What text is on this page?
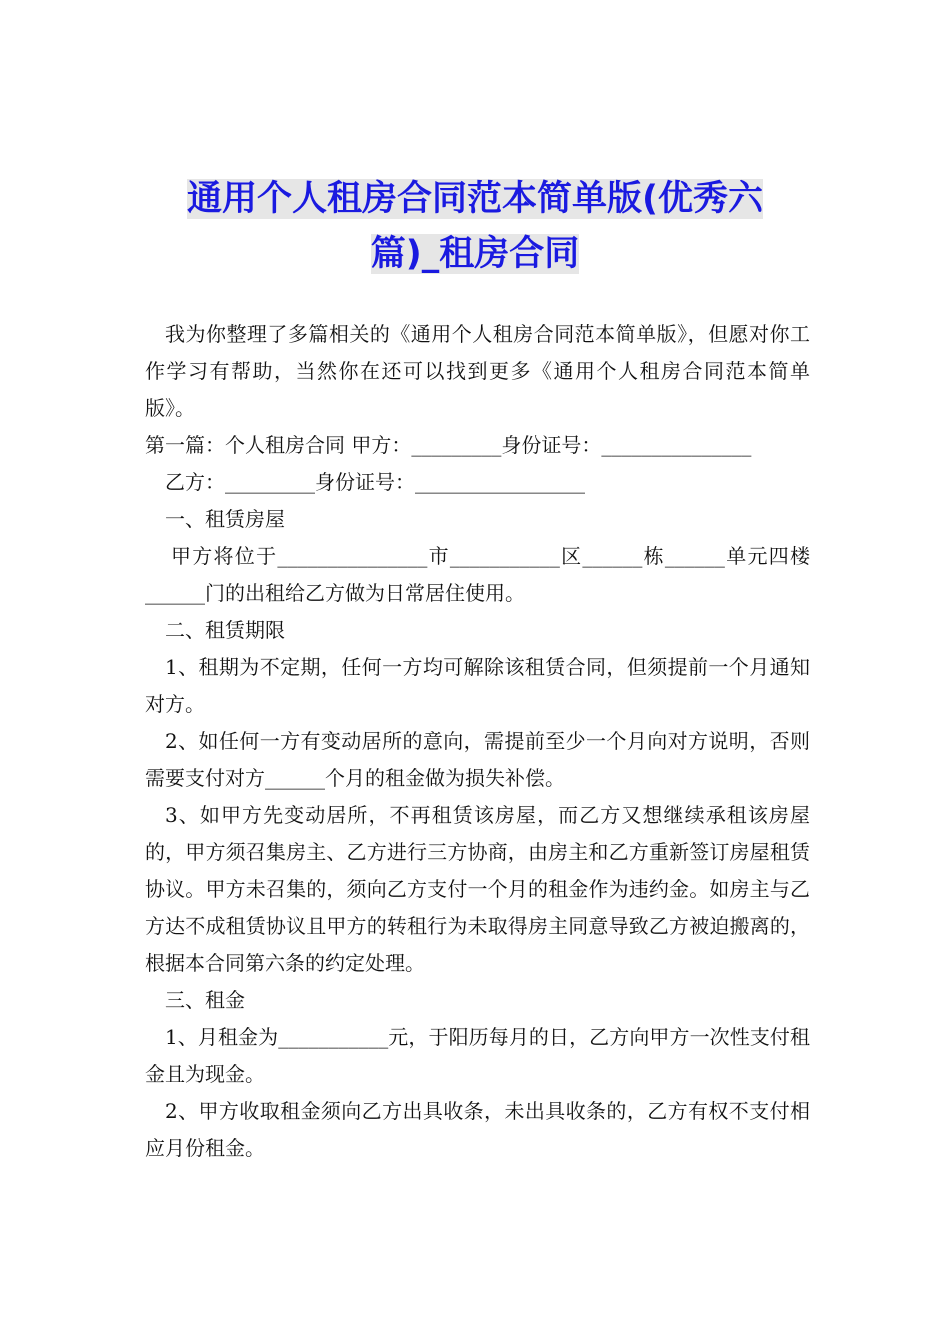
通用个人租房合同范本简单版(优秀六
篇)_租房合同

我为你整理了多篇相关的《通用个人租房合同范本简单版》，但愿对你工作学习有帮助，当然你在还可以找到更多《通用个人租房合同范本简单版》。

第一篇：个人租房合同 甲方：_________身份证号：_______________

乙方：_________身份证号：_________________

一、租赁房屋

甲方将位于_______________市___________区______栋______单元四楼______门的出租给乙方做为日常居住使用。

二、租赁期限

1、租期为不定期，任何一方均可解除该租赁合同，但须提前一个月通知对方。

2、如任何一方有变动居所的意向，需提前至少一个月向对方说明，否则需要支付对方______个月的租金做为损失补偿。

3、如甲方先变动居所，不再租赁该房屋，而乙方又想继续承租该房屋的，甲方须召集房主、乙方进行三方协商，由房主和乙方重新签订房屋租赁协议。甲方未召集的，须向乙方支付一个月的租金作为违约金。如房主与乙方达不成租赁协议且甲方的转租行为未取得房主同意导致乙方被迫搬离的，根据本合同第六条的约定处理。

三、租金

1、月租金为___________元，于阳历每月的日，乙方向甲方一次性支付租金且为现金。

2、甲方收取租金须向乙方出具收条，未出具收条的，乙方有权不支付相应月份租金。
